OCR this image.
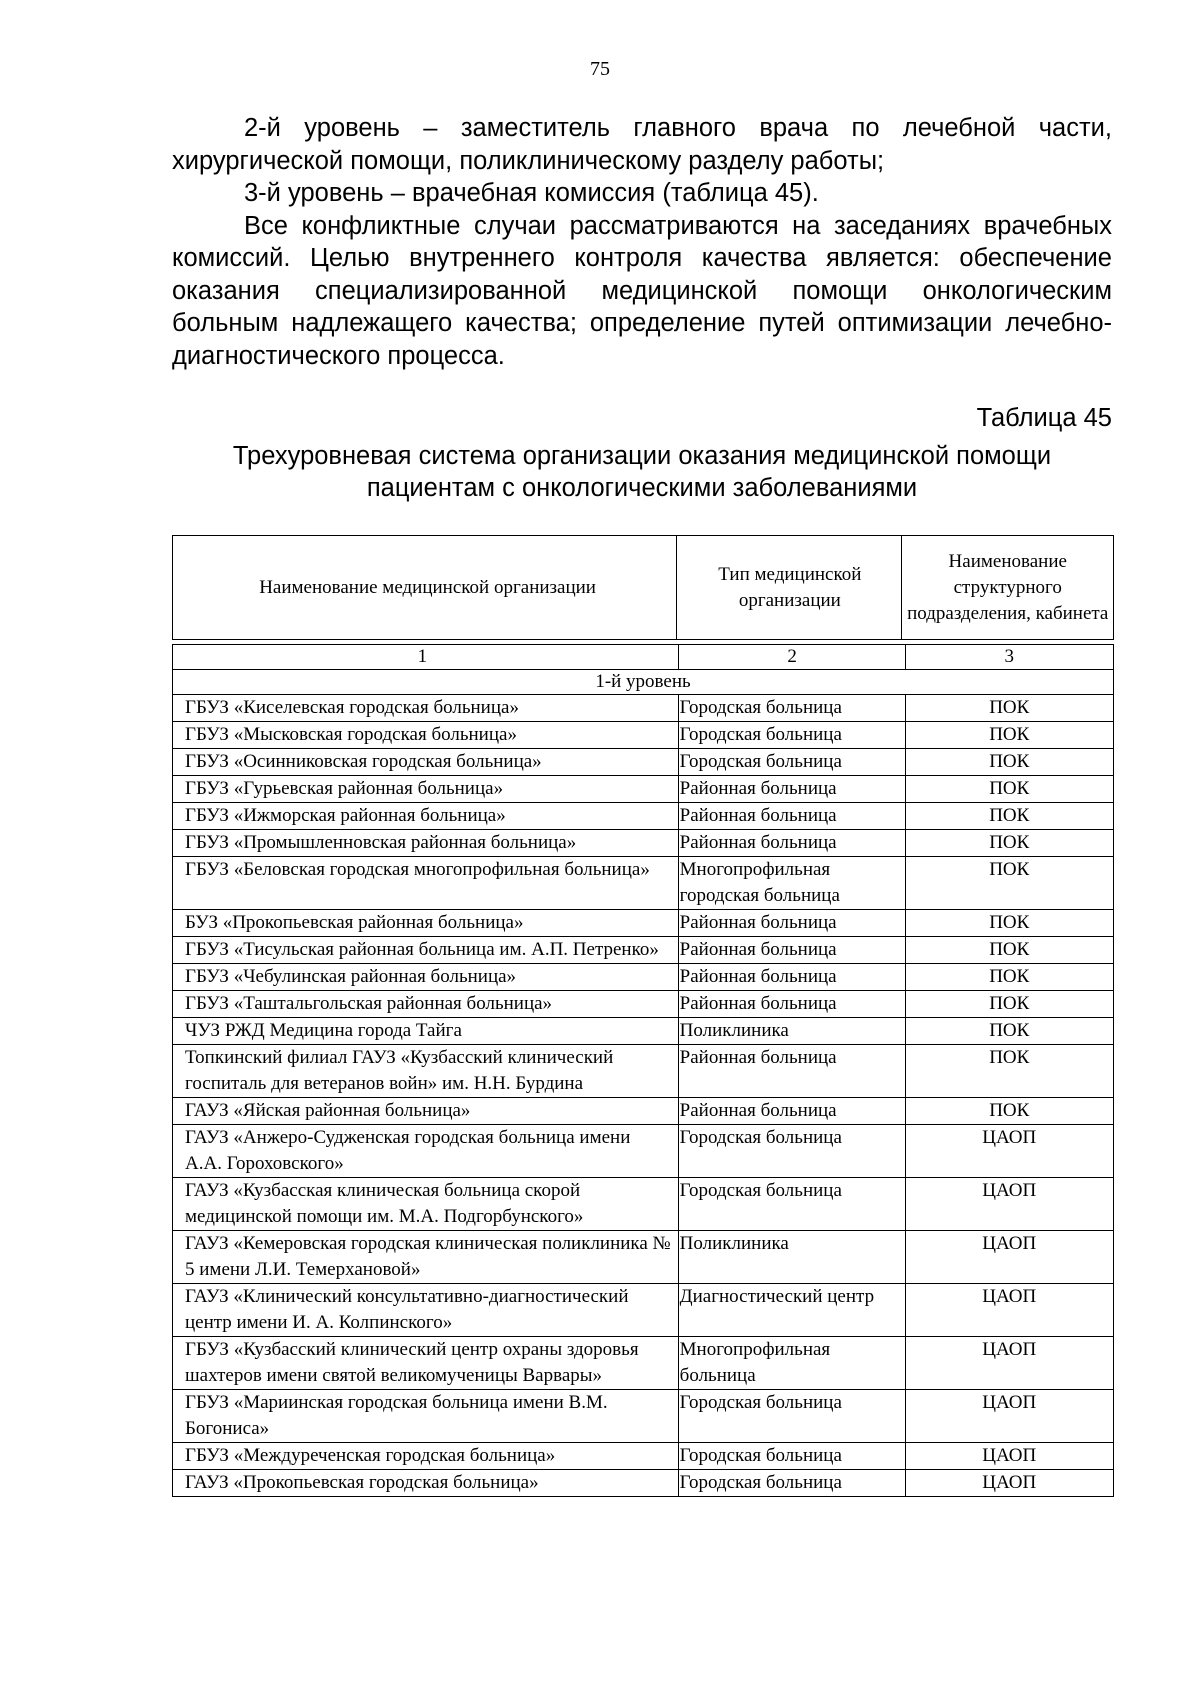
75

2-й уровень – заместитель главного врача по лечебной части, хирургической помощи, поликлиническому разделу работы;

3-й уровень – врачебная комиссия (таблица 45).

Все конфликтные случаи рассматриваются на заседаниях врачебных комиссий. Целью внутреннего контроля качества является: обеспечение оказания специализированной медицинской помощи онкологическим больным надлежащего качества; определение путей оптимизации лечебно-диагностического процесса.

Таблица 45
Трехуровневая система организации оказания медицинской помощи
пациентам с онкологическими заболеваниями
Наименование медицинской организации	Тип медицинской организации	Наименование структурного подразделения, кабинета
1	2	3
1-й уровень		
ГБУЗ «Киселевская городская больница»	Городская больница	ПОК
ГБУЗ «Мысковская городская больница»	Городская больница	ПОК
ГБУЗ «Осинниковская городская больница»	Городская больница	ПОК
ГБУЗ «Гурьевская районная больница»	Районная больница	ПОК
ГБУЗ «Ижморская районная больница»	Районная больница	ПОК
ГБУЗ «Промышленновская районная больница»	Районная больница	ПОК
ГБУЗ «Беловская городская многопрофильная больница»	Многопрофильная городская больница	ПОК
БУЗ «Прокопьевская районная больница»	Районная больница	ПОК
ГБУЗ «Тисульская районная больница им. А.П. Петренко»	Районная больница	ПОК
ГБУЗ «Чебулинская районная больница»	Районная больница	ПОК
ГБУЗ «Таштальгольская районная больница»	Районная больница	ПОК
ЧУЗ РЖД Медицина города Тайга	Поликлиника	ПОК
Топкинский филиал ГАУЗ «Кузбасский клинический госпиталь для ветеранов войн» им. Н.Н. Бурдина	Районная больница	ПОК
ГАУЗ «Яйская районная больница»	Районная больница	ПОК
ГАУЗ «Анжеро-Судженская городская больница имени А.А. Гороховского»	Городская больница	ЦАОП
ГАУЗ «Кузбасская клиническая больница скорой медицинской помощи им. М.А. Подгорбунского»	Городская больница	ЦАОП
ГАУЗ «Кемеровская городская клиническая поликлиника № 5 имени Л.И. Темерхановой»	Поликлиника	ЦАОП
ГАУЗ «Клинический консультативно-диагностический центр имени И. А. Колпинского»	Диагностический центр	ЦАОП
ГБУЗ «Кузбасский клинический центр охраны здоровья шахтеров имени святой великомученицы Варвары»	Многопрофильная больница	ЦАОП
ГБУЗ «Мариинская городская больница имени В.М. Богониса»	Городская больница	ЦАОП
ГБУЗ «Междуреченская городская больница»	Городская больница	ЦАОП
ГАУЗ «Прокопьевская городская больница»	Городская больница	ЦАОП
